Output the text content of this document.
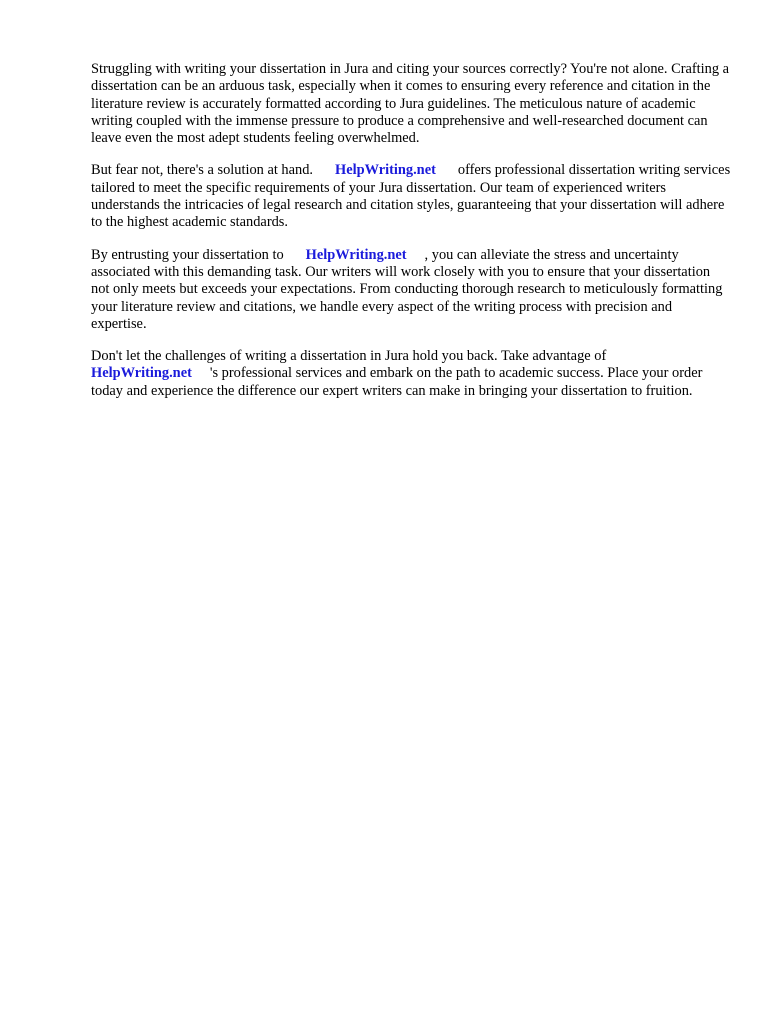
Struggling with writing your dissertation in Jura and citing your sources correctly? You're not alone. Crafting a dissertation can be an arduous task, especially when it comes to ensuring every reference and citation in the literature review is accurately formatted according to Jura guidelines. The meticulous nature of academic writing coupled with the immense pressure to produce a comprehensive and well-researched document can leave even the most adept students feeling overwhelmed.

But fear not, there's a solution at hand. HelpWriting.net offers professional dissertation writing services tailored to meet the specific requirements of your Jura dissertation. Our team of experienced writers understands the intricacies of legal research and citation styles, guaranteeing that your dissertation will adhere to the highest academic standards.

By entrusting your dissertation to HelpWriting.net , you can alleviate the stress and uncertainty associated with this demanding task. Our writers will work closely with you to ensure that your dissertation not only meets but exceeds your expectations. From conducting thorough research to meticulously formatting your literature review and citations, we handle every aspect of the writing process with precision and expertise.

Don't let the challenges of writing a dissertation in Jura hold you back. Take advantage of HelpWriting.net 's professional services and embark on the path to academic success. Place your order today and experience the difference our expert writers can make in bringing your dissertation to fruition.
